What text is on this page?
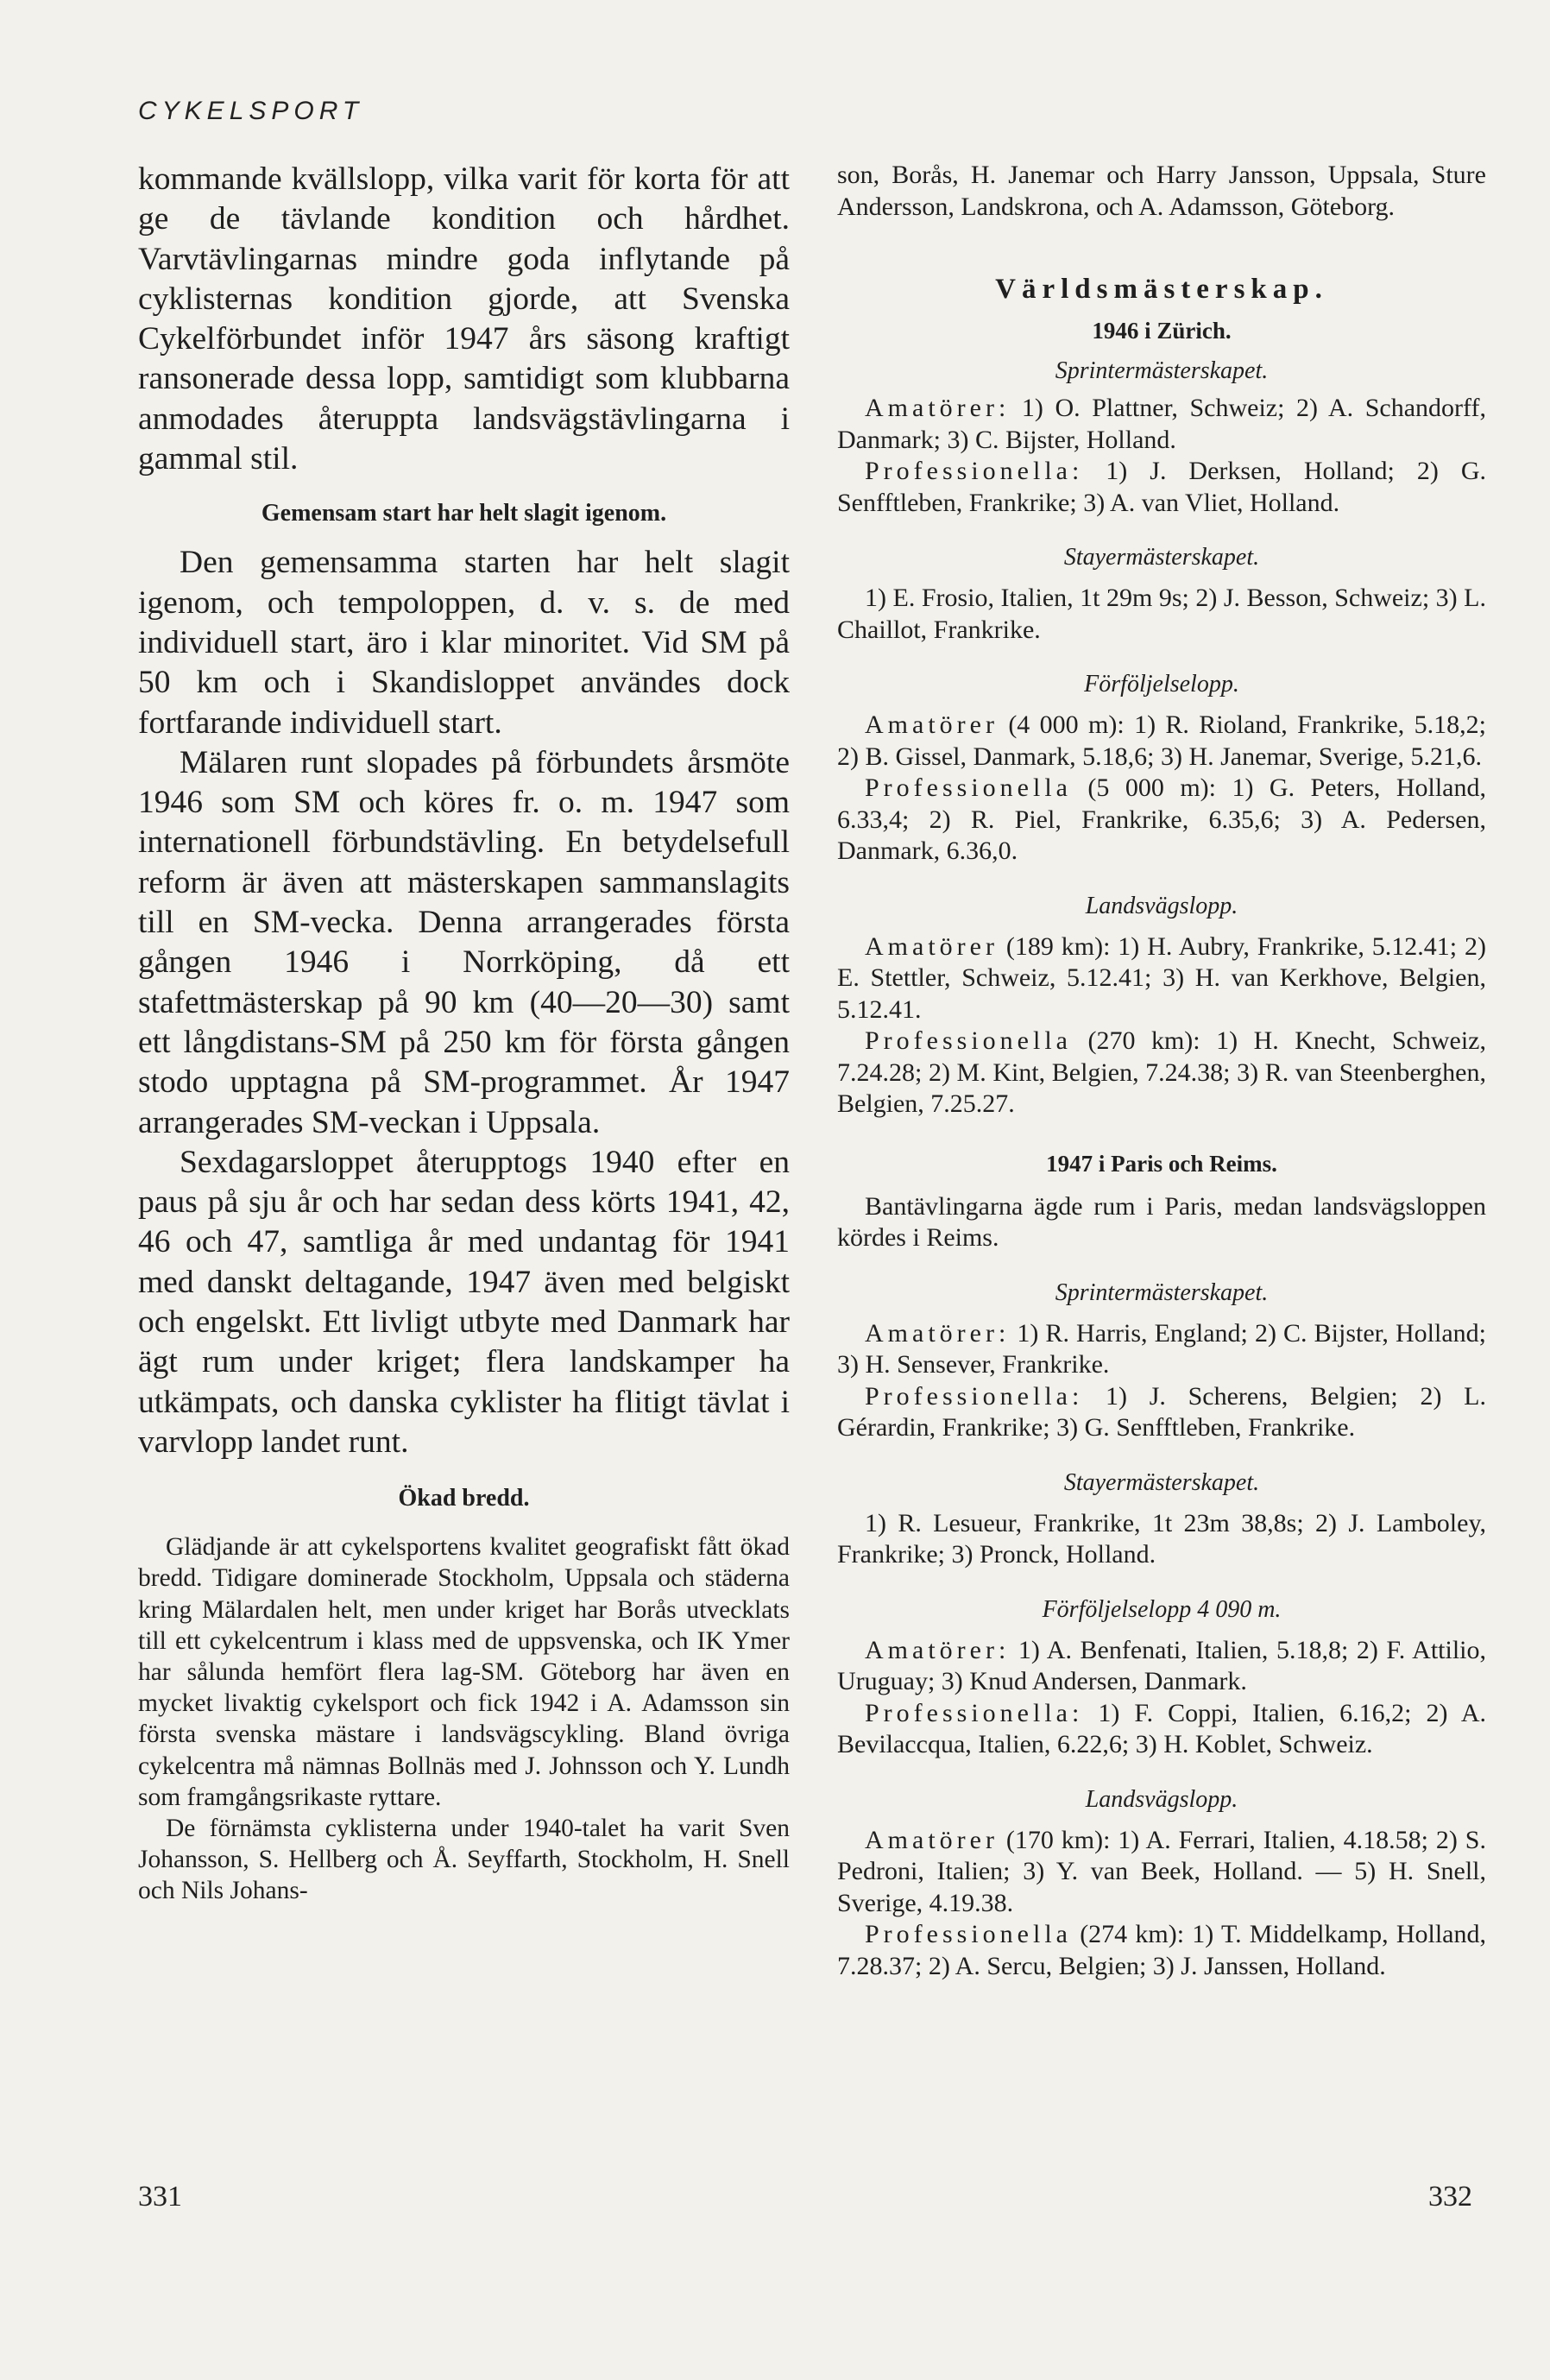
CYKELSPORT

kommande kvällslopp, vilka varit för korta för att ge de tävlande kondition och hårdhet. Varvtävlingarnas mindre goda inflytande på cyklisternas kondition gjorde, att Svenska Cykelförbundet inför 1947 års säsong kraftigt ransonerade dessa lopp, samtidigt som klubbarna anmodades återuppta landsvägstävlingarna i gammal stil.

Gemensam start har helt slagit igenom.

Den gemensamma starten har helt slagit igenom, och tempoloppen, d. v. s. de med individuell start, äro i klar minoritet. Vid SM på 50 km och i Skandisloppet användes dock fortfarande individuell start.

Mälaren runt slopades på förbundets årsmöte 1946 som SM och köres fr. o. m. 1947 som internationell förbundstävling. En betydelsefull reform är även att mästerskapen sammanslagits till en SM-vecka. Denna arrangerades första gången 1946 i Norrköping, då ett stafettmästerskap på 90 km (40—20—30) samt ett långdistans-SM på 250 km för första gången stodo upptagna på SM-programmet. År 1947 arrangerades SM-veckan i Uppsala.

Sexdagarsloppet återupptogs 1940 efter en paus på sju år och har sedan dess körts 1941, 42, 46 och 47, samtliga år med undantag för 1941 med danskt deltagande, 1947 även med belgiskt och engelskt. Ett livligt utbyte med Danmark har ägt rum under kriget; flera landskamper ha utkämpats, och danska cyklister ha flitigt tävlat i varvlopp landet runt.

Ökad bredd.

Glädjande är att cykelsportens kvalitet geografiskt fått ökad bredd. Tidigare dominerade Stockholm, Uppsala och städerna kring Mälardalen helt, men under kriget har Borås utvecklats till ett cykelcentrum i klass med de uppsvenska, och IK Ymer har sålunda hemfört flera lag-SM. Göteborg har även en mycket livaktig cykelsport och fick 1942 i A. Adamsson sin första svenska mästare i landsvägscykling. Bland övriga cykelcentra må nämnas Bollnäs med J. Johnsson och Y. Lundh som framgångsrikaste ryttare.

De förnämsta cyklisterna under 1940-talet ha varit Sven Johansson, S. Hellberg och Å. Seyffarth, Stockholm, H. Snell och Nils Johans-

son, Borås, H. Janemar och Harry Jansson, Uppsala, Sture Andersson, Landskrona, och A. Adamsson, Göteborg.

Världsmästerskap.
1946 i Zürich.
Sprintermästerskapet.

Amatörer: 1) O. Plattner, Schweiz; 2) A. Schandorff, Danmark; 3) C. Bijster, Holland.

Professionella: 1) J. Derksen, Holland; 2) G. Senfftleben, Frankrike; 3) A. van Vliet, Holland.

Stayermästerskapet.

1) E. Frosio, Italien, 1t 29m 9s; 2) J. Besson, Schweiz; 3) L. Chaillot, Frankrike.

Förföljelselopp.

Amatörer (4 000 m): 1) R. Rioland, Frankrike, 5.18,2; 2) B. Gissel, Danmark, 5.18,6; 3) H. Janemar, Sverige, 5.21,6.

Professionella (5 000 m): 1) G. Peters, Holland, 6.33,4; 2) R. Piel, Frankrike, 6.35,6; 3) A. Pedersen, Danmark, 6.36,0.

Landsvägslopp.

Amatörer (189 km): 1) H. Aubry, Frankrike, 5.12.41; 2) E. Stettler, Schweiz, 5.12.41; 3) H. van Kerkhove, Belgien, 5.12.41.

Professionella (270 km): 1) H. Knecht, Schweiz, 7.24.28; 2) M. Kint, Belgien, 7.24.38; 3) R. van Steenberghen, Belgien, 7.25.27.

1947 i Paris och Reims.

Bantävlingarna ägde rum i Paris, medan landsvägsloppen kördes i Reims.

Sprintermästerskapet.

Amatörer: 1) R. Harris, England; 2) C. Bijster, Holland; 3) H. Sensever, Frankrike.

Professionella: 1) J. Scherens, Belgien; 2) L. Gérardin, Frankrike; 3) G. Senfftleben, Frankrike.

Stayermästerskapet.

1) R. Lesueur, Frankrike, 1t 23m 38,8s; 2) J. Lamboley, Frankrike; 3) Pronck, Holland.

Förföljelselopp 4 090 m.

Amatörer: 1) A. Benfenati, Italien, 5.18,8; 2) F. Attilio, Uruguay; 3) Knud Andersen, Danmark.

Professionella: 1) F. Coppi, Italien, 6.16,2; 2) A. Bevilaccqua, Italien, 6.22,6; 3) H. Koblet, Schweiz.

Landsvägslopp.

Amatörer (170 km): 1) A. Ferrari, Italien, 4.18.58; 2) S. Pedroni, Italien; 3) Y. van Beek, Holland. — 5) H. Snell, Sverige, 4.19.38.

Professionella (274 km): 1) T. Middelkamp, Holland, 7.28.37; 2) A. Sercu, Belgien; 3) J. Janssen, Holland.

331	332
